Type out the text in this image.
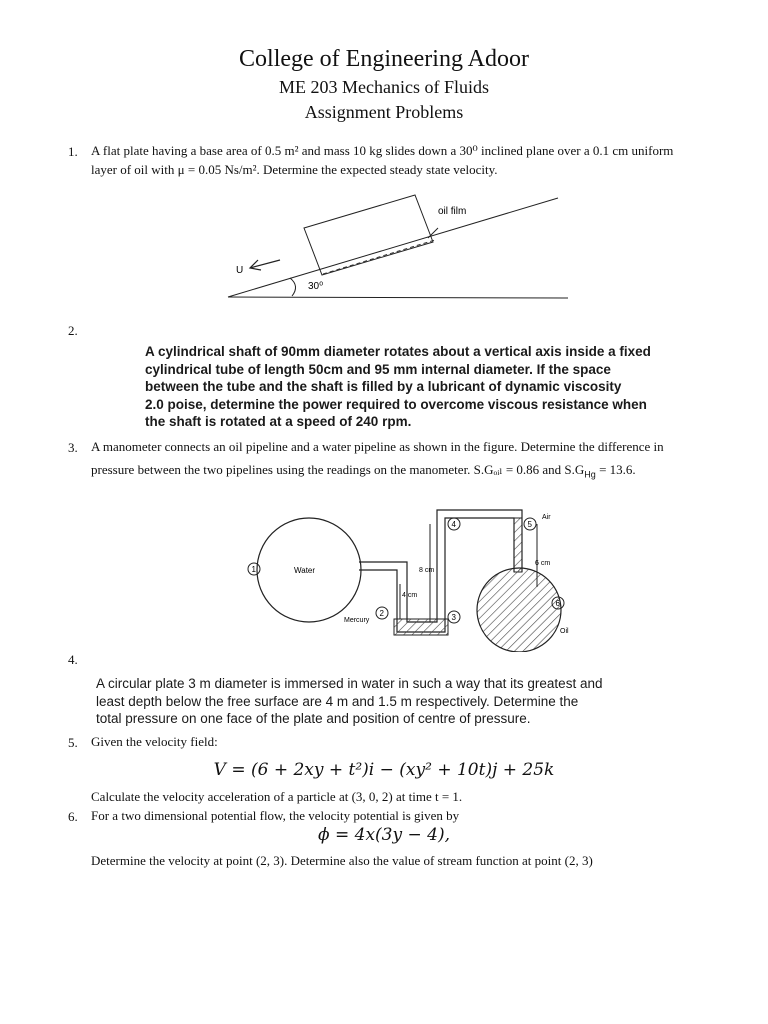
College of Engineering Adoor
ME 203 Mechanics of Fluids
Assignment Problems
1. A flat plate having a base area of 0.5 m² and mass 10 kg slides down a 30⁰ inclined plane over a 0.1 cm uniform
layer of oil with μ = 0.05 Ns/m². Determine the expected steady state velocity.
oil film
U
30⁰
2.
A cylindrical shaft of 90mm diameter rotates about a vertical axis inside a fixed
cylindrical tube of length 50cm and 95 mm internal diameter. If the space
between the tube and the shaft is filled by a lubricant of dynamic viscosity
2.0 poise, determine the power required to overcome viscous resistance when
the shaft is rotated at a speed of 240 rpm.
3. A manometer connects an oil pipeline and a water pipeline as shown in the figure. Determine the difference in
pressure between the two pipelines using the readings on the manometer. S.Gₒᵢₗ = 0.86 and $S.G_{Hg} = 13.6$.
Water
1	8 cm
4 cm
6 cm
2
Mercury	3
4	5
6
Air
Oil
4.
A circular plate 3 m diameter is immersed in water in such a way that its greatest and
least depth below the free surface are 4 m and 1.5 m respectively. Determine the
total pressure on one face of the plate and position of centre of pressure.
5. Given the velocity field:
V = (6 + 2xy + t²)i − (xy² + 10t)j + 25k
Calculate the velocity acceleration of a particle at (3, 0, 2) at time t = 1.
6. For a two dimensional potential flow, the velocity potential is given by
ϕ = 4x(3y − 4),
Determine the velocity at point (2, 3). Determine also the value of stream function at point (2, 3)
